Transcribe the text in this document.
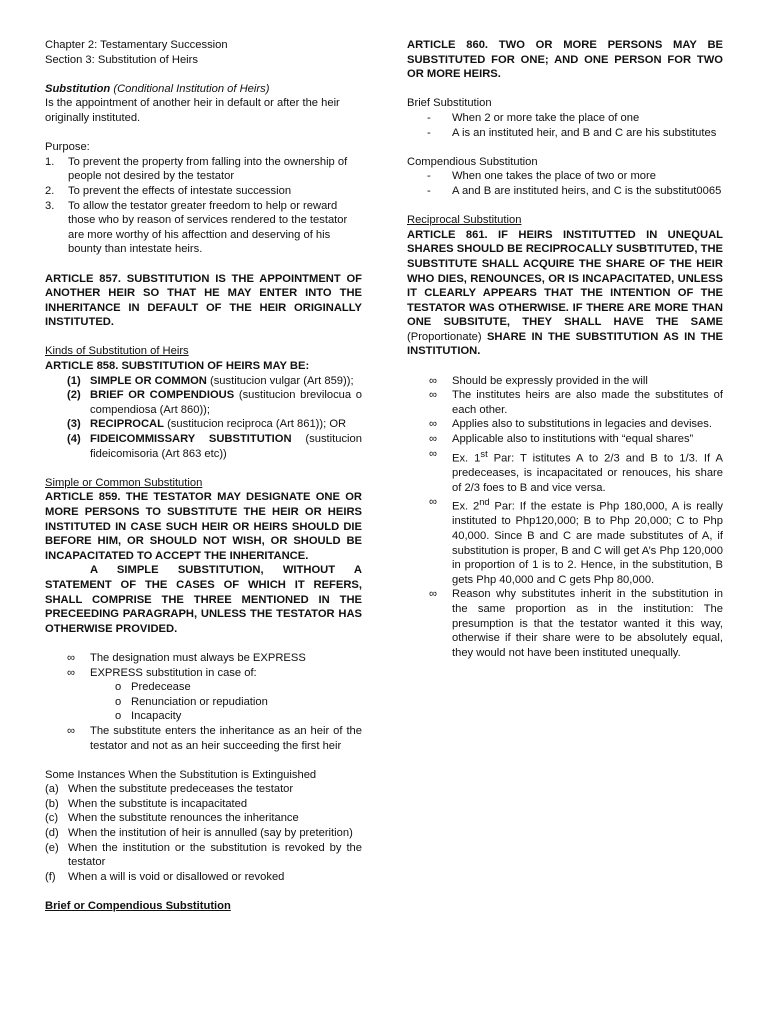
Chapter 2: Testamentary Succession

Section 3: Substitution of Heirs

Substitution (Conditional Institution of Heirs)

Is the appointment of another heir in default or after the heir originally instituted.

Purpose:

1.	To prevent the property from falling into the ownership of people not desired by the testator
2.	To prevent the effects of intestate succession
3.	To allow the testator greater freedom to help or reward those who by reason of services rendered to the testator are more worthy of his affecttion and deserving of his bounty than intestate heirs.

ARTICLE 857. SUBSTITUTION IS THE APPOINTMENT OF ANOTHER HEIR SO THAT HE MAY ENTER INTO THE INHERITANCE IN DEFAULT OF THE HEIR ORIGINALLY INSTITUTED.

Kinds of Substitution of Heirs

ARTICLE 858. SUBSTITUTION OF HEIRS MAY BE:

(1) SIMPLE OR COMMON (sustitucion vulgar (Art 859));
(2) BRIEF OR COMPENDIOUS (sustitucion brevilocua o compendiosa (Art 860));
(3) RECIPROCAL (sustitucion reciproca (Art 861)); OR
(4) FIDEICOMMISSARY SUBSTITUTION (sustitucion fideicomisoria (Art 863 etc))

Simple or Common Substitution

ARTICLE 859. THE TESTATOR MAY DESIGNATE ONE OR MORE PERSONS TO SUBSTITUTE THE HEIR OR HEIRS INSTITUTED IN CASE SUCH HEIR OR HEIRS SHOULD DIE BEFORE HIM, OR SHOULD NOT WISH, OR SHOULD BE INCAPACITATED TO ACCEPT THE INHERITANCE.

A SIMPLE SUBSTITUTION, WITHOUT A STATEMENT OF THE CASES OF WHICH IT REFERS, SHALL COMPRISE THE THREE MENTIONED IN THE PRECEEDING PARAGRAPH, UNLESS THE TESTATOR HAS OTHERWISE PROVIDED.

∞	The designation must always be EXPRESS
∞	EXPRESS substitution in case of:
o Predecease
o Renunciation or repudiation
o Incapacity
∞	The substitute enters the inheritance as an heir of the testator and not as an heir succeeding the first heir

Some Instances When the Substitution is Extinguished

(a) When the substitute predeceases the testator
(b) When the substitute is incapacitated
(c) When the substitute renounces the inheritance
(d) When the institution of heir is annulled (say by preterition)
(e) When the institution or the substitution is revoked by the testator
(f)	When a will is void or disallowed or revoked

Brief or Compendious Substitution

ARTICLE 860. TWO OR MORE PERSONS MAY BE SUBSTITUTED FOR ONE; AND ONE PERSON FOR TWO OR MORE HEIRS.

Brief Substitution

-	When 2 or more take the place of one
-	A is an instituted heir, and B and C are his substitutes

Compendious Substitution

-	When one takes the place of two or more
-	A and B are instituted heirs, and C is the substitut0065

Reciprocal Substitution

ARTICLE 861. IF HEIRS INSTITUTTED IN UNEQUAL SHARES SHOULD BE RECIPROCALLY SUSBTITUTED, THE SUBSTITUTE SHALL ACQUIRE THE SHARE OF THE HEIR WHO DIES, RENOUNCES, OR IS INCAPACITATED, UNLESS IT CLEARLY APPEARS THAT THE INTENTION OF THE TESTATOR WAS OTHERWISE. IF THERE ARE MORE THAN ONE SUBSITUTE, THEY SHALL HAVE THE SAME (Proportionate) SHARE IN THE SUBSTITUTION AS IN THE INSTITUTION.

∞	Should be expressly provided in the will
∞	The institutes heirs are also made the substitutes of each other.
∞	Applies also to substitutions in legacies and devises.
∞	Applicable also to institutions with “equal shares”
∞	Ex. 1st Par: T istitutes A to 2/3 and B to 1/3. If A predeceases, is incapacitated or renouces, his share of 2/3 foes to B and vice versa.
∞	Ex. 2nd Par: If the estate is Php 180,000, A is really instituted to Php120,000; B to Php 20,000; C to Php 40,000. Since B and C are made substitutes of A, if substitution is proper, B and C will get A’s Php 120,000 in proportion of 1 is to 2. Hence, in the substitution, B gets Php 40,000 and C gets Php 80,000.
∞	Reason why substitutes inherit in the substitution in the same proportion as in the institution: The presumption is that the testator wanted it this way, otherwise if their share were to be absolutely equal, they would not have been instituted unequally.
